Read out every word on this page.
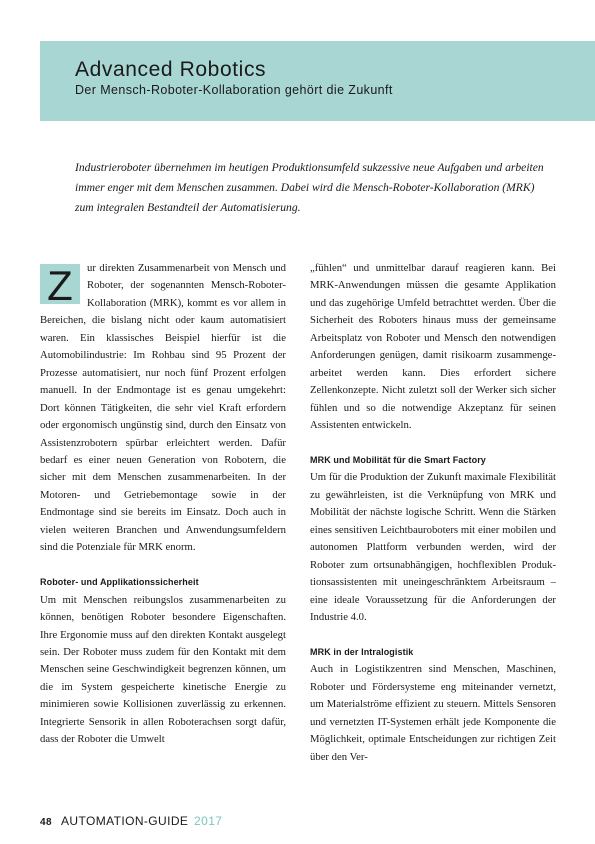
Advanced Robotics

Der Mensch-Roboter-Kollaboration gehört die Zukunft

Industrieroboter übernehmen im heutigen Produktionsumfeld sukzessive neue Aufgaben und arbeiten immer enger mit dem Menschen zusammen. Dabei wird die Mensch-Roboter-Kollaboration (MRK) zum integralen Bestandteil der Automatisierung.

Z	ur direkten Zusammenarbeit von Mensch und Roboter, der sogenannten Mensch-Roboter-Kollaboration (MRK), kommt es vor allem in Bereichen, die bislang nicht oder kaum automatisiert waren. Ein klassisches Beispiel hierfür ist die Automobilindustrie: Im Rohbau sind 95 Prozent der Prozesse automatisiert, nur noch fünf Prozent erfolgen manuell. In der Endmontage ist es genau umgekehrt: Dort können Tätigkeiten, die sehr viel Kraft erfordern oder ergonomisch ungünstig sind, durch den Einsatz von Assistenzrobotern spürbar erleichtert werden. Dafür bedarf es einer neuen Generation von Robotern, die sicher mit dem Menschen zusammenarbeiten. In der Motoren- und Getriebemontage sowie in der Endmontage sind sie bereits im Einsatz. Doch auch in vielen weiteren Branchen und Anwendungsumfeldern sind die Potenziale für MRK enorm.

Roboter- und Applikationssicherheit

Um mit Menschen reibungslos zusammenarbeiten zu können, benötigen Roboter besondere Eigenschaften. Ihre Ergonomie muss auf den direkten Kontakt ausgelegt sein. Der Roboter muss zudem für den Kontakt mit dem Menschen seine Geschwindigkeit begrenzen können, um die im System gespeicherte kinetische Energie zu minimieren sowie Kollisionen zuverlässig zu erkennen. Integrierte Sensorik in allen Roboterachsen sorgt dafür, dass der Roboter die Umwelt

„fühlen“ und unmittelbar darauf reagieren kann. Bei MRK-Anwendungen müssen die gesamte Applikation und das zugehörige Umfeld betrachttet werden. Über die Sicherheit des Roboters hinaus muss der gemeinsame Arbeitsplatz von Roboter und Mensch den notwendigen Anforderungen genügen, damit risikoarm zusammengearbeitet werden kann. Dies erfordert sichere Zellenkonzepte. Nicht zuletzt soll der Werker sich sicher fühlen und so die notwendige Akzeptanz für seinen Assistenten entwickeln.

MRK und Mobilität für die Smart Factory

Um für die Produktion der Zukunft maximale Flexibilität zu gewährleisten, ist die Verknüpfung von MRK und Mobilität der nächste logische Schritt. Wenn die Stärken eines sensitiven Leichtbauroboters mit einer mobilen und autonomen Plattform verbunden werden, wird der Roboter zum ortsunabhängigen, hochflexiblen Produktionsassistenten mit uneingeschränktem Arbeitsraum – eine ideale Voraussetzung für die Anforderungen der Industrie 4.0.

MRK in der Intralogistik

Auch in Logistikzentren sind Menschen, Maschinen, Roboter und Fördersysteme eng miteinander vernetzt, um Materialströme effizient zu steuern. Mittels Sensoren und vernetzten IT-Systemen erhält jede Komponente die Möglichkeit, optimale Entscheidungen zur richtigen Zeit über den Ver-

48 AUTOMATION-GUIDE 2017
